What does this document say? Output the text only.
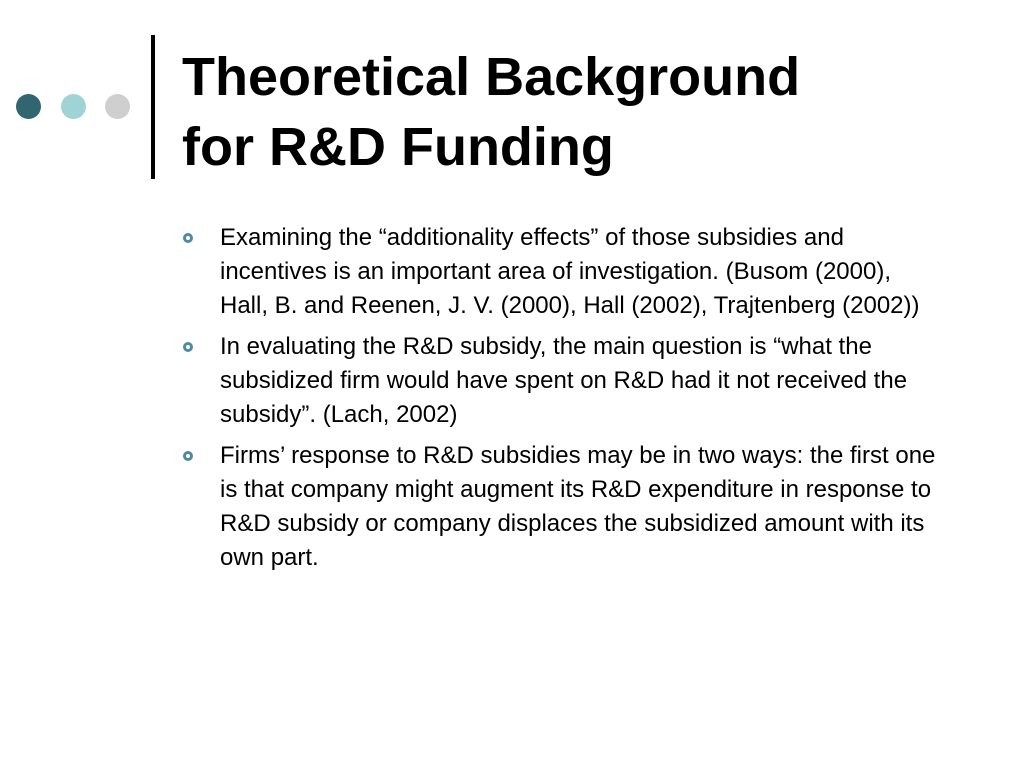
Theoretical Background
for R&D Funding
Examining the “additionality effects” of those subsidies and incentives is an important area of investigation. (Busom (2000), Hall, B. and Reenen, J. V. (2000), Hall (2002), Trajtenberg (2002))
In evaluating the R&D subsidy, the main question is “what the subsidized firm would have spent on R&D had it not received the subsidy”. (Lach, 2002)
Firms’ response to R&D subsidies may be in two ways: the first one is that company might augment its R&D expenditure in response to R&D subsidy or company displaces the subsidized amount with its own part.
